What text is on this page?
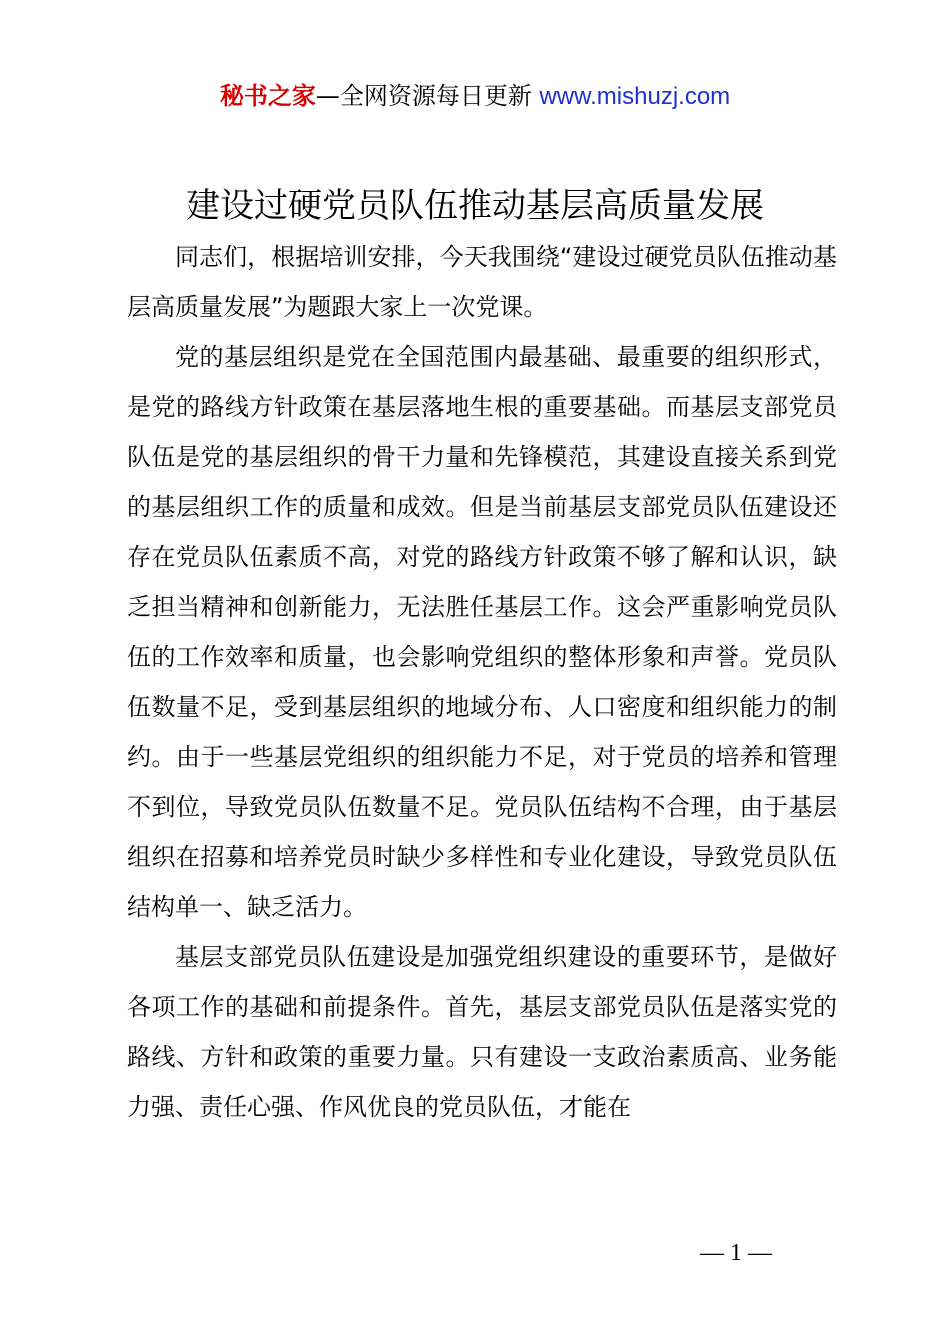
秘书之家—全网资源每日更新 www.mishuzj.com
建设过硬党员队伍推动基层高质量发展

同志们，根据培训安排，今天我围绕“建设过硬党员队伍推动基层高质量发展”为题跟大家上一次党课。

党的基层组织是党在全国范围内最基础、最重要的组织形式，是党的路线方针政策在基层落地生根的重要基础。而基层支部党员队伍是党的基层组织的骨干力量和先锋模范，其建设直接关系到党的基层组织工作的质量和成效。但是当前基层支部党员队伍建设还存在党员队伍素质不高，对党的路线方针政策不够了解和认识，缺乏担当精神和创新能力，无法胜任基层工作。这会严重影响党员队伍的工作效率和质量，也会影响党组织的整体形象和声誉。党员队伍数量不足，受到基层组织的地域分布、人口密度和组织能力的制约。由于一些基层党组织的组织能力不足，对于党员的培养和管理不到位，导致党员队伍数量不足。党员队伍结构不合理，由于基层组织在招募和培养党员时缺少多样性和专业化建设，导致党员队伍结构单一、缺乏活力。

基层支部党员队伍建设是加强党组织建设的重要环节，是做好各项工作的基础和前提条件。首先，基层支部党员队伍是落实党的路线、方针和政策的重要力量。只有建设一支政治素质高、业务能力强、责任心强、作风优良的党员队伍，才能在

— 1 —
